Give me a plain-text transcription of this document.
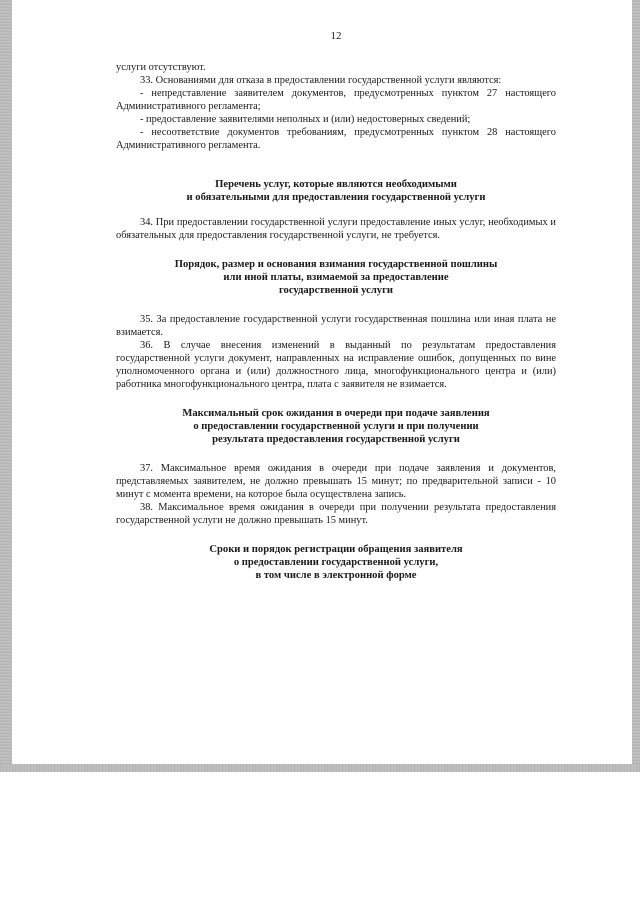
12

услуги отсутствуют.

33. Основаниями для отказа в предоставлении государственной услуги являются:

- непредставление заявителем документов, предусмотренных пунктом 27 настоящего Административного регламента;

- предоставление заявителями неполных и (или) недостоверных сведений;

- несоответствие документов требованиям, предусмотренных пунктом 28 настоящего Административного регламента.

Перечень услуг, которые являются необходимыми
и обязательными для предоставления государственной услуги

34. При предоставлении государственной услуги предоставление иных услуг, необходимых и обязательных для предоставления государственной услуги, не требуется.

Порядок, размер и основания взимания государственной пошлины
или иной платы, взимаемой за предоставление
государственной услуги

35. За предоставление государственной услуги государственная пошлина или иная плата не взимается.

36. В случае внесения изменений в выданный по результатам предоставления государственной услуги документ, направленных на исправление ошибок, допущенных по вине уполномоченного органа и (или) должностного лица, многофункционального центра и (или) работника многофункционального центра, плата с заявителя не взимается.

Максимальный срок ожидания в очереди при подаче заявления
о предоставлении государственной услуги и при получении
результата предоставления государственной услуги

37. Максимальное время ожидания в очереди при подаче заявления и документов, представляемых заявителем, не должно превышать 15 минут; по предварительной записи - 10 минут с момента времени, на которое была осуществлена запись.

38. Максимальное время ожидания в очереди при получении результата предоставления государственной услуги не должно превышать 15 минут.

Сроки и порядок регистрации обращения заявителя
о предоставлении государственной услуги,
в том числе в электронной форме
